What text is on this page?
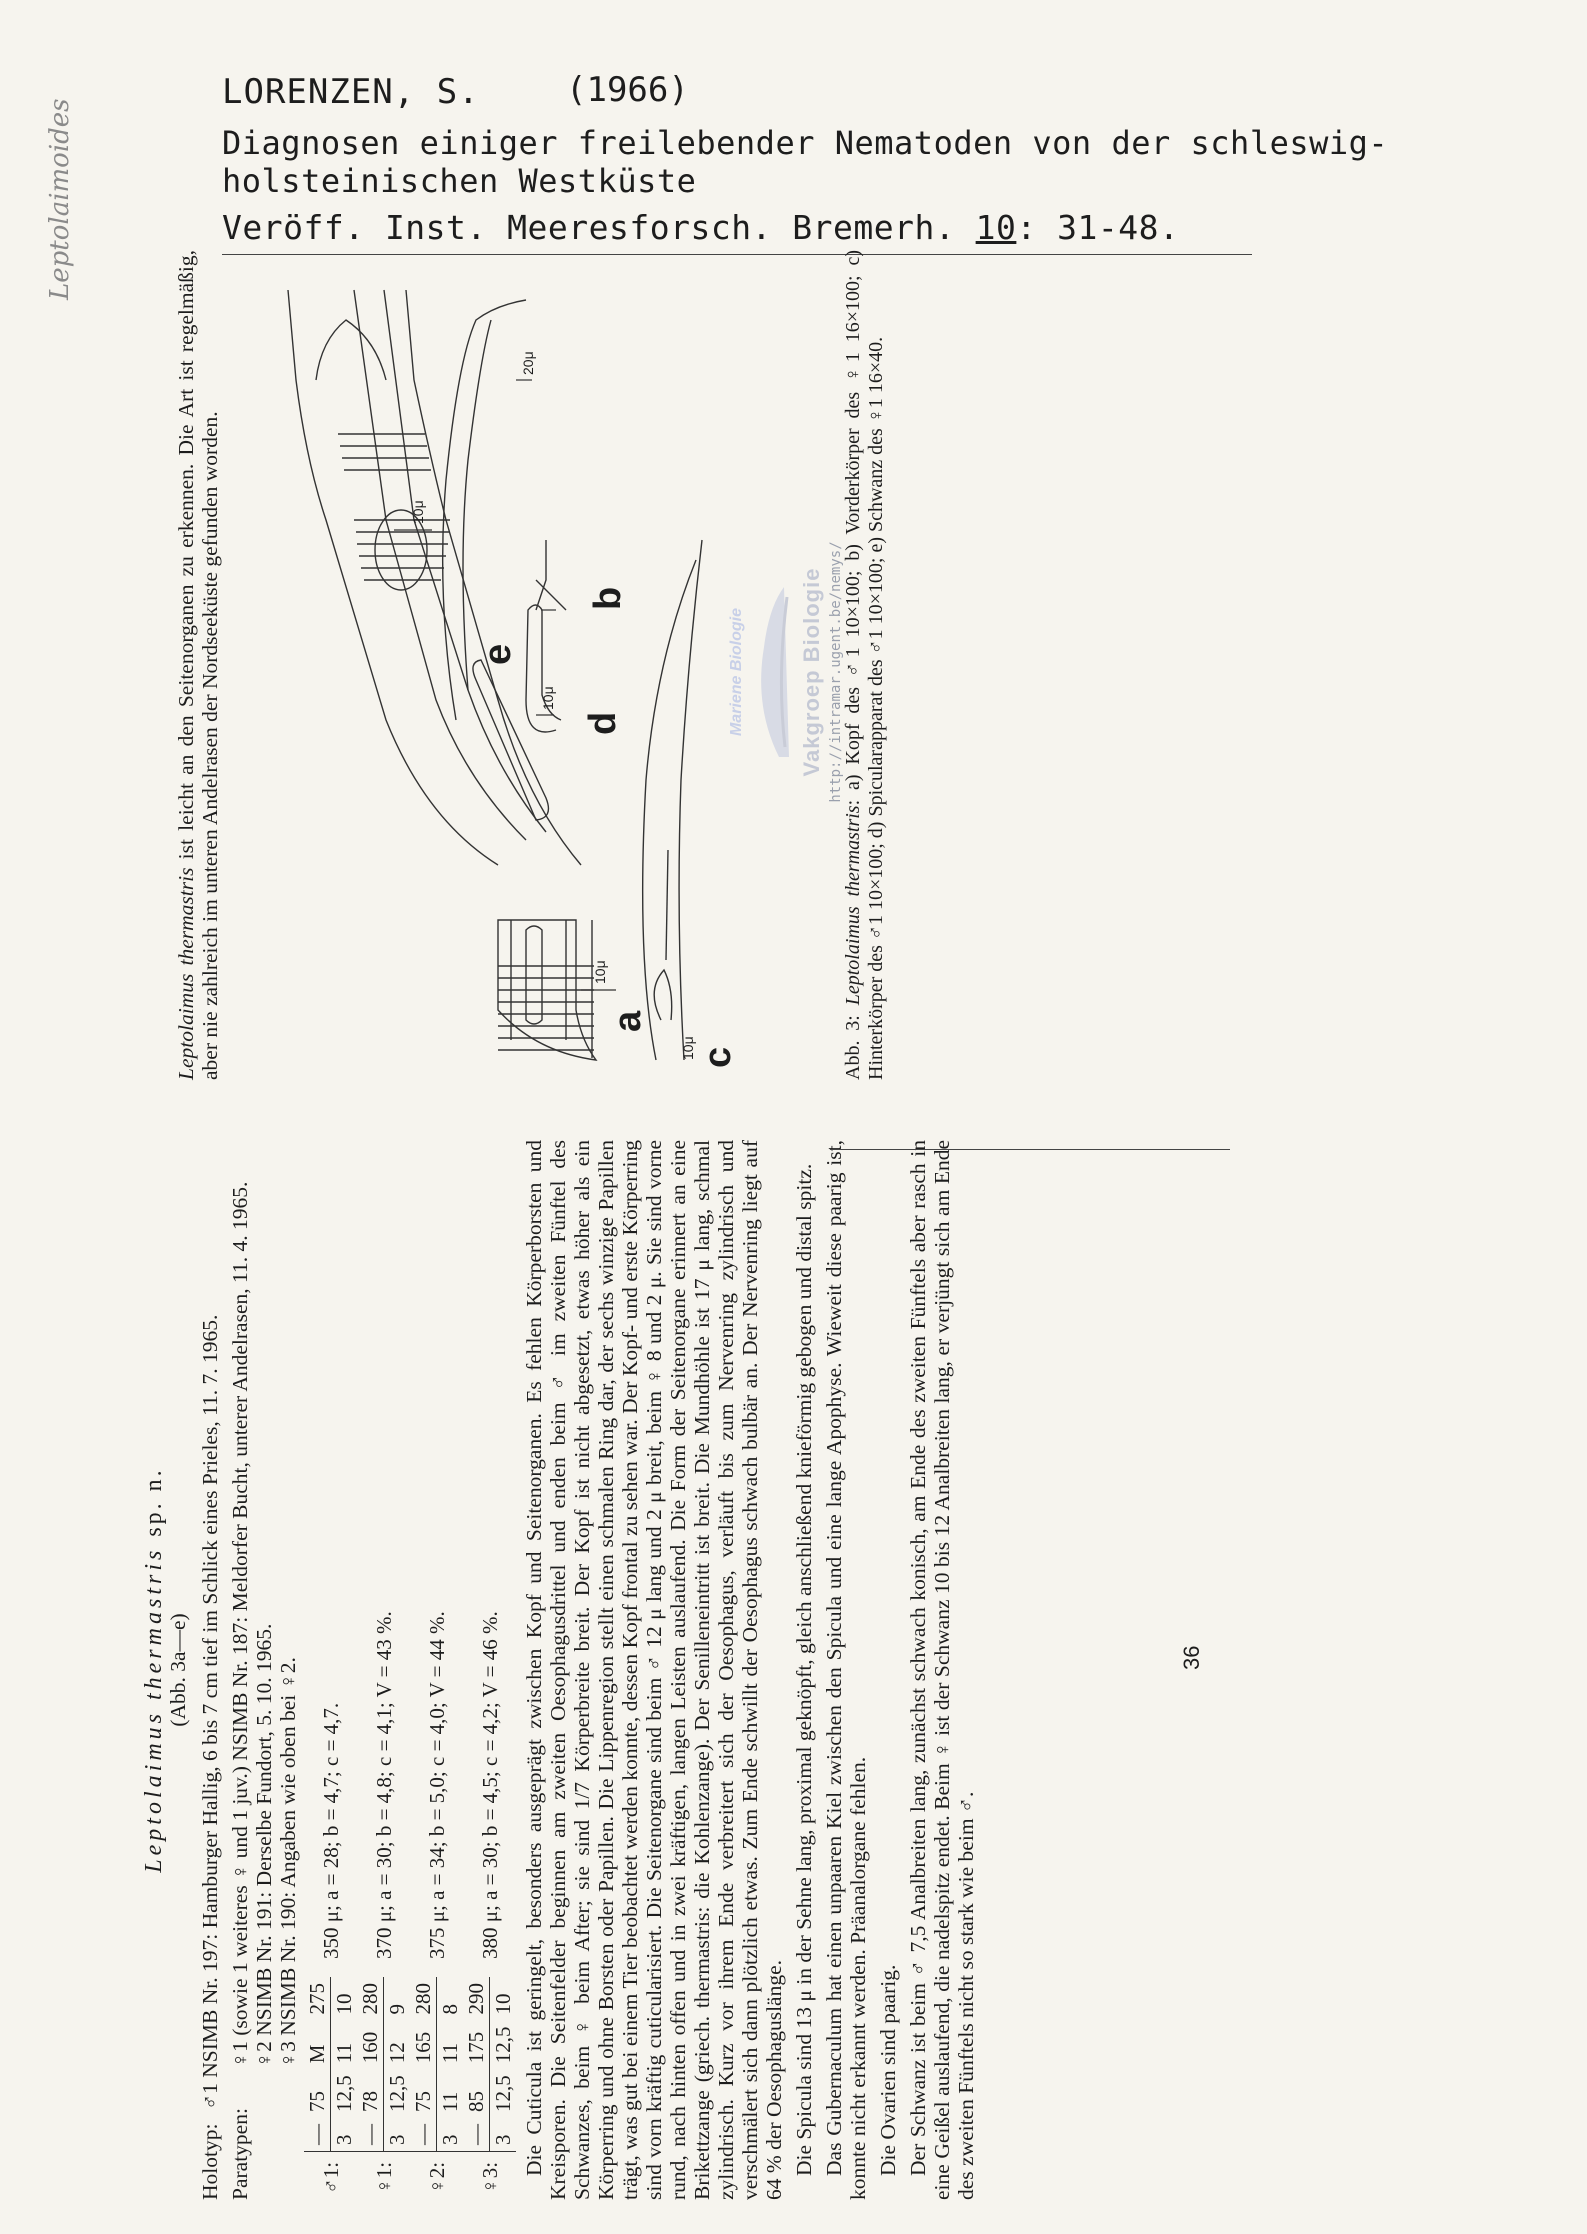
LORENZEN, S.	(1966)
Diagnosen einiger freilebender Nematoden von der schleswig-
holsteinischen Westküste
Veröff. Inst. Meeresforsch. Bremerh. 10: 31-48.
Leptolaimoides
Leptolaimus thermastris sp. n.
(Abb. 3a—e)
Holotyp:
♂1 NSIMB Nr. 197: Hamburger Hallig, 6 bis 7 cm tief im Schlick eines Prieles, 11. 7. 1965.
Paratypen:
♀1 (sowie 1 weiteres ♀ und 1 juv.) NSIMB Nr. 187: Meldorfer Bucht, unterer Andelrasen, 11. 4. 1965. ♀2 NSIMB Nr. 191: Derselbe Fundort, 5. 10. 1965. ♀3 NSIMB Nr. 190: Angaben wie oben bei ♀2.
♂1:	—	75	M	275	350 μ; a = 28; b = 4,7; c = 4,7.
	3	12,5	11	10	
♀1:	—	78	160	280	370 μ; a = 30; b = 4,8; c = 4,1; V = 43 %.
	3	12,5	12	9	
♀2:	—	75	165	280	375 μ; a = 34; b = 5,0; c = 4,0; V = 44 %.
	3	11	11	8	
♀3:	—	85	175	290	380 μ; a = 30; b = 4,5; c = 4,2; V = 46 %.
	3	12,5	12,5	10	Die Cuticula ist geringelt, besonders ausgeprägt zwischen Kopf und Seitenorganen. Es fehlen Körperborsten und Kreisporen. Die Seitenfelder beginnen am zweiten Oesophagusdrittel und enden beim ♂ im zweiten Fünftel des Schwanzes, beim ♀ beim After; sie sind 1/7 Körperbreite breit. Der Kopf ist nicht abgesetzt, etwas höher als ein Körperring und ohne Borsten oder Papillen. Die Lippenregion stellt einen schmalen Ring dar, der sechs winzige Papillen trägt, was gut bei einem Tier beobachtet werden konnte, dessen Kopf frontal zu sehen war. Der Kopf- und erste Körperring sind vorn kräftig cuticularisiert. Die Seitenorgane sind beim ♂ 12 μ lang und 2 μ breit, beim ♀ 8 und 2 μ. Sie sind vorne rund, nach hinten offen und in zwei kräftigen, langen Leisten auslaufend. Die Form der Seitenorgane erinnert an eine Brikettzange (griech. thermastris: die Kohlenzange). Der Senilleneintritt ist breit. Die Mundhöhle ist 17 μ lang, schmal zylindrisch. Kurz vor ihrem Ende verbreitert sich der Oesophagus, verläuft bis zum Nervenring zylindrisch und verschmälert sich dann plötzlich etwas. Zum Ende schwillt der Oesophagus schwach bulbär an. Der Nervenring liegt auf 64 % der Oesophaguslänge. Die Spicula sind 13 μ in der Sehne lang, proximal geknöpft, gleich anschließend knieförmig gebogen und distal spitz. Das Gubernaculum hat einen unpaaren Kiel zwischen den Spicula und eine lange Apophyse. Wieweit diese paarig ist, konnte nicht erkannt werden. Präanalorgane fehlen. Die Ovarien sind paarig. Der Schwanz ist beim ♂ 7,5 Analbreiten lang, zunächst schwach konisch, am Ende des zweiten Fünftels aber rasch in eine Geißel auslaufend, die nadelspitz endet. Beim ♀ ist der Schwanz 10 bis 12 Analbreiten lang, er verjüngt sich am Ende des zweiten Fünftels nicht so stark wie beim ♂.

Leptolaimus thermastris ist leicht an den Seitenorganen zu erkennen. Die Art ist regelmäßig, aber nie zahlreich im unteren Andelrasen der Nordseeküste gefunden worden.	a
b
c
d
e
10μ
10μ
10μ
10μ
20μ
Mariene Biologie Vakgroep Biologie http://intramar.ugent.be/nemys/
Abb. 3: Leptolaimus thermastris: a) Kopf des ♂1 10×100; b) Vorderkörper des ♀1 16×100; c) Hinterkörper des ♂1 10×100; d) Spicularapparat des ♂1 10×100; e) Schwanz des ♀1 16×40.
36
